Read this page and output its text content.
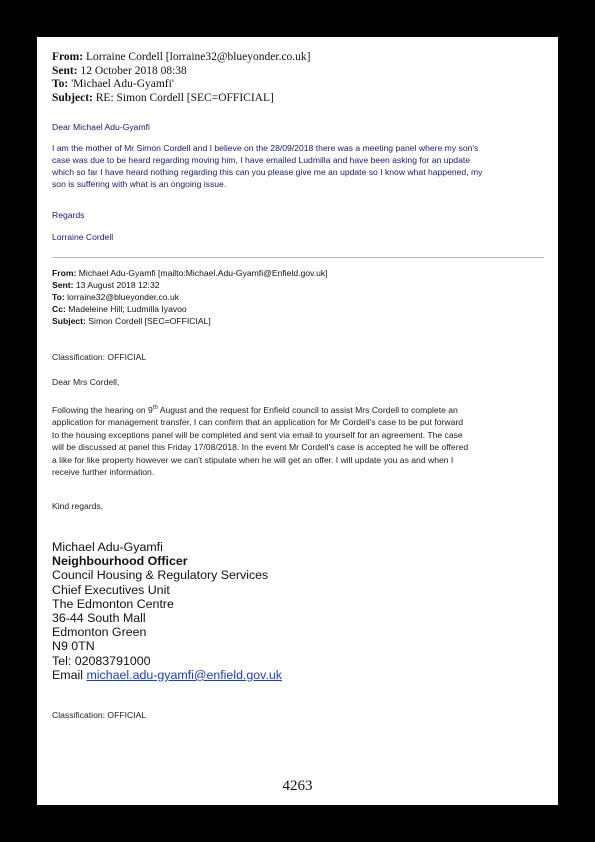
From: Lorraine Cordell [lorraine32@blueyonder.co.uk]
Sent: 12 October 2018 08:38
To: 'Michael Adu-Gyamfi'
Subject: RE: Simon Cordell [SEC=OFFICIAL]
Dear Michael Adu-Gyamfi
I am the mother of Mr Simon Cordell and I believe on the 28/09/2018 there was a meeting panel where my son's
case was due to be heard regarding moving him, I have emailed Ludmilla and have been asking for an update
which so far I have heard nothing regarding this can you please give me an update so I know what happened, my
son is suffering with what is an ongoing issue.
Regards
Lorraine Cordell
From: Michael Adu-Gyamfi [mailto:Michael.Adu-Gyamfi@Enfield.gov.uk]
Sent: 13 August 2018 12:32
To: lorraine32@blueyonder.co.uk
Cc: Madeleine Hill; Ludmilla Iyavoo
Subject: Simon Cordell [SEC=OFFICIAL]
Classification: OFFICIAL
Dear Mrs Cordell,
Following the hearing on 9th August and the request for Enfield council to assist Mrs Cordell to complete an
application for management transfer, I can confirm that an application for Mr Cordell's case to be put forward
to the housing exceptions panel will be completed and sent via email to yourself for an agreement. The case
will be discussed at panel this Friday 17/08/2018. In the event Mr Cordell's case is accepted he will be offered
a like for like property however we can't stipulate when he will get an offer. I will update you as and when I
receive further information.
Kind regards,
Michael Adu-Gyamfi
Neighbourhood Officer
Council Housing & Regulatory Services
Chief Executives Unit
The Edmonton Centre
36-44 South Mall
Edmonton Green
N9 0TN
Tel: 02083791000
Email michael.adu-gyamfi@enfield.gov.uk
Classification: OFFICIAL
4263
